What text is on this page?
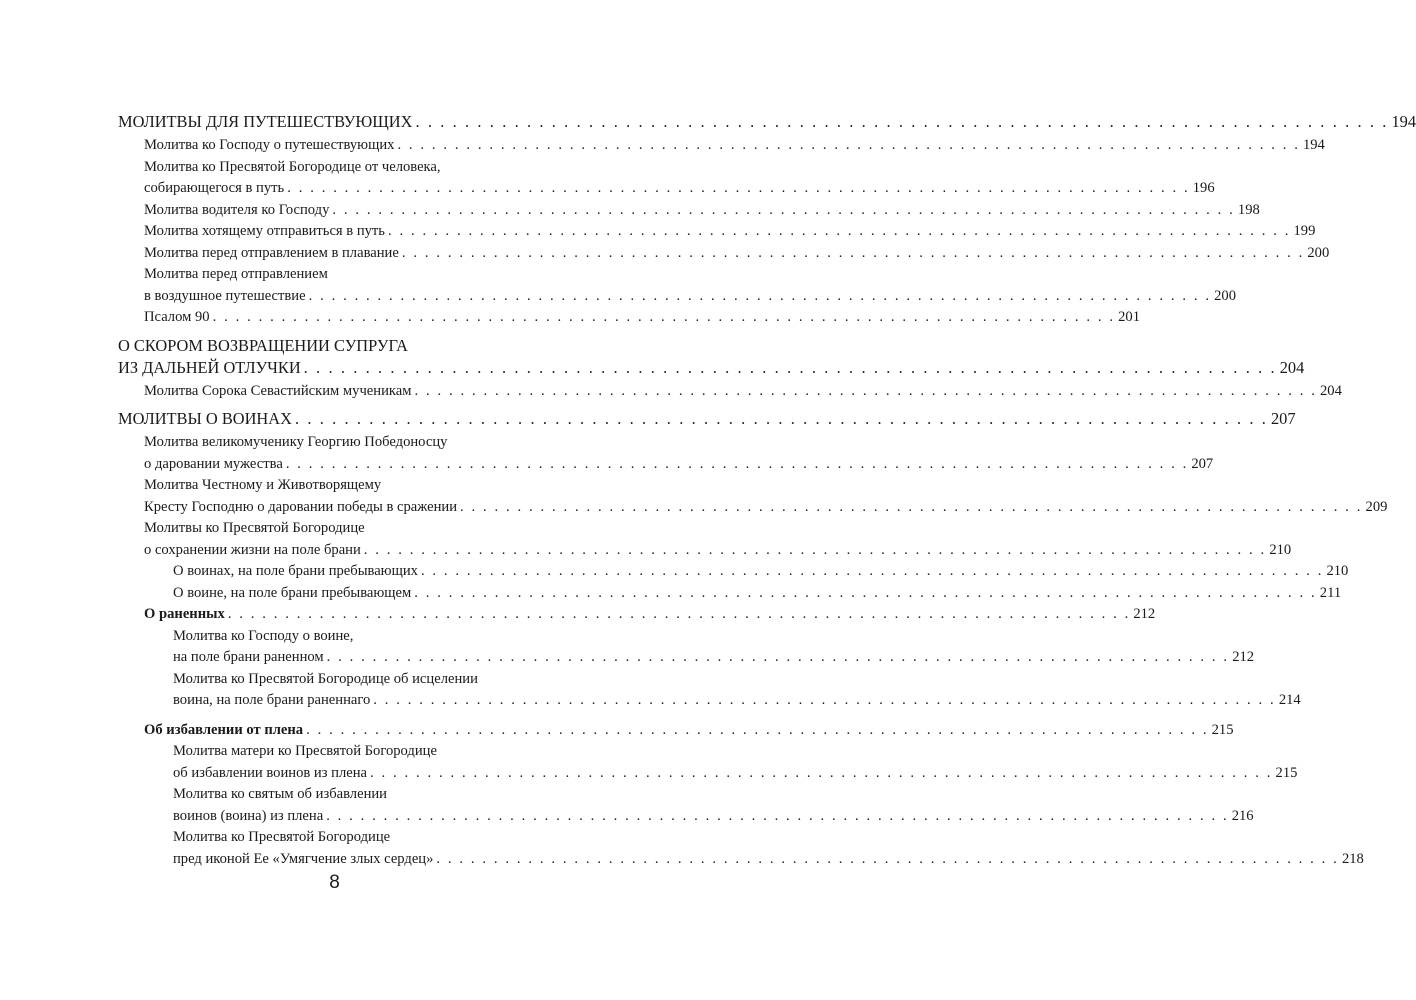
МОЛИТВЫ ДЛЯ ПУТЕШЕСТВУЮЩИХ . . . . . . . . . . . . . . . . . . . . . . . . . . . . . . . . . . . . . . . . . . . . . . . . . . . . . . . . . . . . . . . . . . . . . . . . . . . . . . . 194
Молитва ко Господу о путешествующих . . . . . . . . . . . . . . . . . . . . . . . . . . . . . . . . . . . . . . . . . . . . . . . . . . . . . . . . . . . . . . . . . . . . . . . . . . . . . . . 194
Молитва ко Пресвятой Богородице от человека,
собирающегося в путь . . . . . . . . . . . . . . . . . . . . . . . . . . . . . . . . . . . . . . . . . . . . . . . . . . . . . . . . . . . . . . . . . . . . . . . . . . . . . . . 196
Молитва водителя ко Господу . . . . . . . . . . . . . . . . . . . . . . . . . . . . . . . . . . . . . . . . . . . . . . . . . . . . . . . . . . . . . . . . . . . . . . . . . . . . . . . 198
Молитва хотящему отправиться в путь . . . . . . . . . . . . . . . . . . . . . . . . . . . . . . . . . . . . . . . . . . . . . . . . . . . . . . . . . . . . . . . . . . . . . . . . . . . . . . . 199
Молитва перед отправлением в плавание . . . . . . . . . . . . . . . . . . . . . . . . . . . . . . . . . . . . . . . . . . . . . . . . . . . . . . . . . . . . . . . . . . . . . . . . . . . . . . . 200
Молитва перед отправлением
в воздушное путешествие . . . . . . . . . . . . . . . . . . . . . . . . . . . . . . . . . . . . . . . . . . . . . . . . . . . . . . . . . . . . . . . . . . . . . . . . . . . . . . . 200
Псалом 90 . . . . . . . . . . . . . . . . . . . . . . . . . . . . . . . . . . . . . . . . . . . . . . . . . . . . . . . . . . . . . . . . . . . . . . . . . . . . . . . 201
О СКОРОМ ВОЗВРАЩЕНИИ СУПРУГА
ИЗ ДАЛЬНЕЙ ОТЛУЧКИ . . . . . . . . . . . . . . . . . . . . . . . . . . . . . . . . . . . . . . . . . . . . . . . . . . . . . . . . . . . . . . . . . . . . . . . . . . . . . . . 204
Молитва Сорока Севастийским мученикам . . . . . . . . . . . . . . . . . . . . . . . . . . . . . . . . . . . . . . . . . . . . . . . . . . . . . . . . . . . . . . . . . . . . . . . . . . . . . . . 204
МОЛИТВЫ О ВОИНАХ . . . . . . . . . . . . . . . . . . . . . . . . . . . . . . . . . . . . . . . . . . . . . . . . . . . . . . . . . . . . . . . . . . . . . . . . . . . . . . . 207
Молитва великомученику Георгию Победоносцу
о даровании мужества . . . . . . . . . . . . . . . . . . . . . . . . . . . . . . . . . . . . . . . . . . . . . . . . . . . . . . . . . . . . . . . . . . . . . . . . . . . . . . . 207
Молитва Честному и Животворящему
Кресту Господню о даровании победы в сражении . . . . . . . . . . . . . . . . . . . . . . . . . . . . . . . . . . . . . . . . . . . . . . . . . . . . . . . . . . . . . . . . . . . . . . . . . . . . . . . 209
Молитвы ко Пресвятой Богородице
о сохранении жизни на поле брани . . . . . . . . . . . . . . . . . . . . . . . . . . . . . . . . . . . . . . . . . . . . . . . . . . . . . . . . . . . . . . . . . . . . . . . . . . . . . . . 210
О воинах, на поле брани пребывающих . . . . . . . . . . . . . . . . . . . . . . . . . . . . . . . . . . . . . . . . . . . . . . . . . . . . . . . . . . . . . . . . . . . . . . . . . . . . . . . 210
О воине, на поле брани пребывающем . . . . . . . . . . . . . . . . . . . . . . . . . . . . . . . . . . . . . . . . . . . . . . . . . . . . . . . . . . . . . . . . . . . . . . . . . . . . . . . 211
О раненных . . . . . . . . . . . . . . . . . . . . . . . . . . . . . . . . . . . . . . . . . . . . . . . . . . . . . . . . . . . . . . . . . . . . . . . . . . . . . . . 212
Молитва ко Господу о воине,
на поле брани раненном . . . . . . . . . . . . . . . . . . . . . . . . . . . . . . . . . . . . . . . . . . . . . . . . . . . . . . . . . . . . . . . . . . . . . . . . . . . . . . . 212
Молитва ко Пресвятой Богородице об исцелении
воина, на поле брани раненнаго . . . . . . . . . . . . . . . . . . . . . . . . . . . . . . . . . . . . . . . . . . . . . . . . . . . . . . . . . . . . . . . . . . . . . . . . . . . . . . . 214
Об избавлении от плена . . . . . . . . . . . . . . . . . . . . . . . . . . . . . . . . . . . . . . . . . . . . . . . . . . . . . . . . . . . . . . . . . . . . . . . . . . . . . . . 215
Молитва матери ко Пресвятой Богородице
об избавлении воинов из плена . . . . . . . . . . . . . . . . . . . . . . . . . . . . . . . . . . . . . . . . . . . . . . . . . . . . . . . . . . . . . . . . . . . . . . . . . . . . . . . 215
Молитва ко святым об избавлении
воинов (воина) из плена . . . . . . . . . . . . . . . . . . . . . . . . . . . . . . . . . . . . . . . . . . . . . . . . . . . . . . . . . . . . . . . . . . . . . . . . . . . . . . . 216
Молитва ко Пресвятой Богородице
пред иконой Ее «Умягчение злых сердец» . . . . . . . . . . . . . . . . . . . . . . . . . . . . . . . . . . . . . . . . . . . . . . . . . . . . . . . . . . . . . . . . . . . . . . . . . . . . . . . 218
8
